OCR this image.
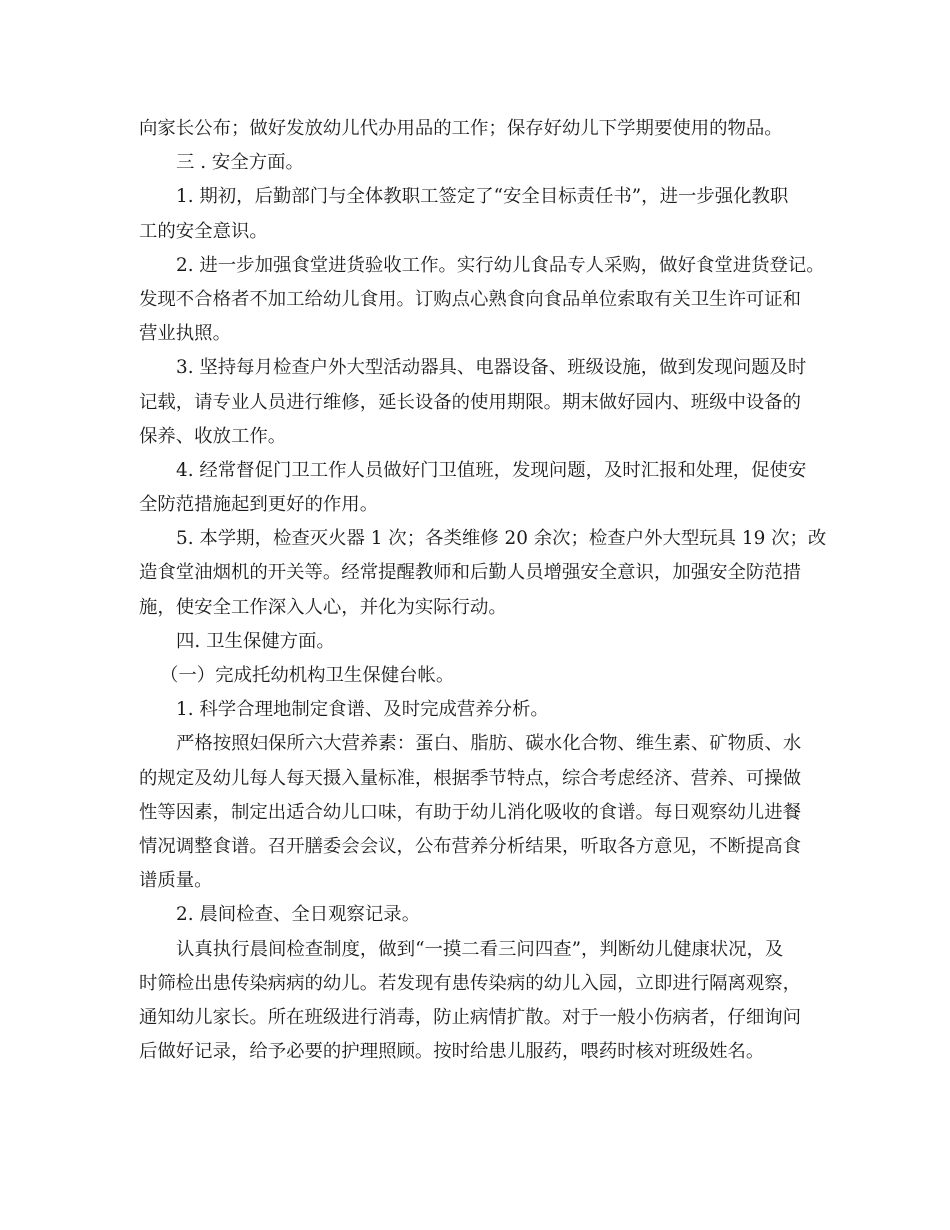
向家长公布；做好发放幼儿代办用品的工作；保存好幼儿下学期要使用的物品。
三 . 安全方面。
1. 期初，后勤部门与全体教职工签定了“安全目标责任书”，进一步强化教职
工的安全意识。
2. 进一步加强食堂进货验收工作。实行幼儿食品专人采购，做好食堂进货登记。
发现不合格者不加工给幼儿食用。订购点心熟食向食品单位索取有关卫生许可证和
营业执照。
3. 坚持每月检查户外大型活动器具、电器设备、班级设施，做到发现问题及时
记载，请专业人员进行维修，延长设备的使用期限。期末做好园内、班级中设备的
保养、收放工作。
4. 经常督促门卫工作人员做好门卫值班，发现问题，及时汇报和处理，促使安
全防范措施起到更好的作用。
5. 本学期，检查灭火器 1 次；各类维修 20 余次；检查户外大型玩具 19 次；改
造食堂油烟机的开关等。经常提醒教师和后勤人员增强安全意识，加强安全防范措
施，使安全工作深入人心，并化为实际行动。
四. 卫生保健方面。
（一）完成托幼机构卫生保健台帐。
1. 科学合理地制定食谱、及时完成营养分析。
严格按照妇保所六大营养素：蛋白、脂肪、碳水化合物、维生素、矿物质、水
的规定及幼儿每人每天摄入量标准，根据季节特点，综合考虑经济、营养、可操做
性等因素，制定出适合幼儿口味，有助于幼儿消化吸收的食谱。每日观察幼儿进餐
情况调整食谱。召开膳委会会议，公布营养分析结果，听取各方意见，不断提高食
谱质量。
2. 晨间检查、全日观察记录。
认真执行晨间检查制度，做到“一摸二看三问四查”，判断幼儿健康状况，及
时筛检出患传染病病的幼儿。若发现有患传染病的幼儿入园，立即进行隔离观察，
通知幼儿家长。所在班级进行消毒，防止病情扩散。对于一般小伤病者，仔细询问
后做好记录，给予必要的护理照顾。按时给患儿服药，喂药时核对班级姓名。
